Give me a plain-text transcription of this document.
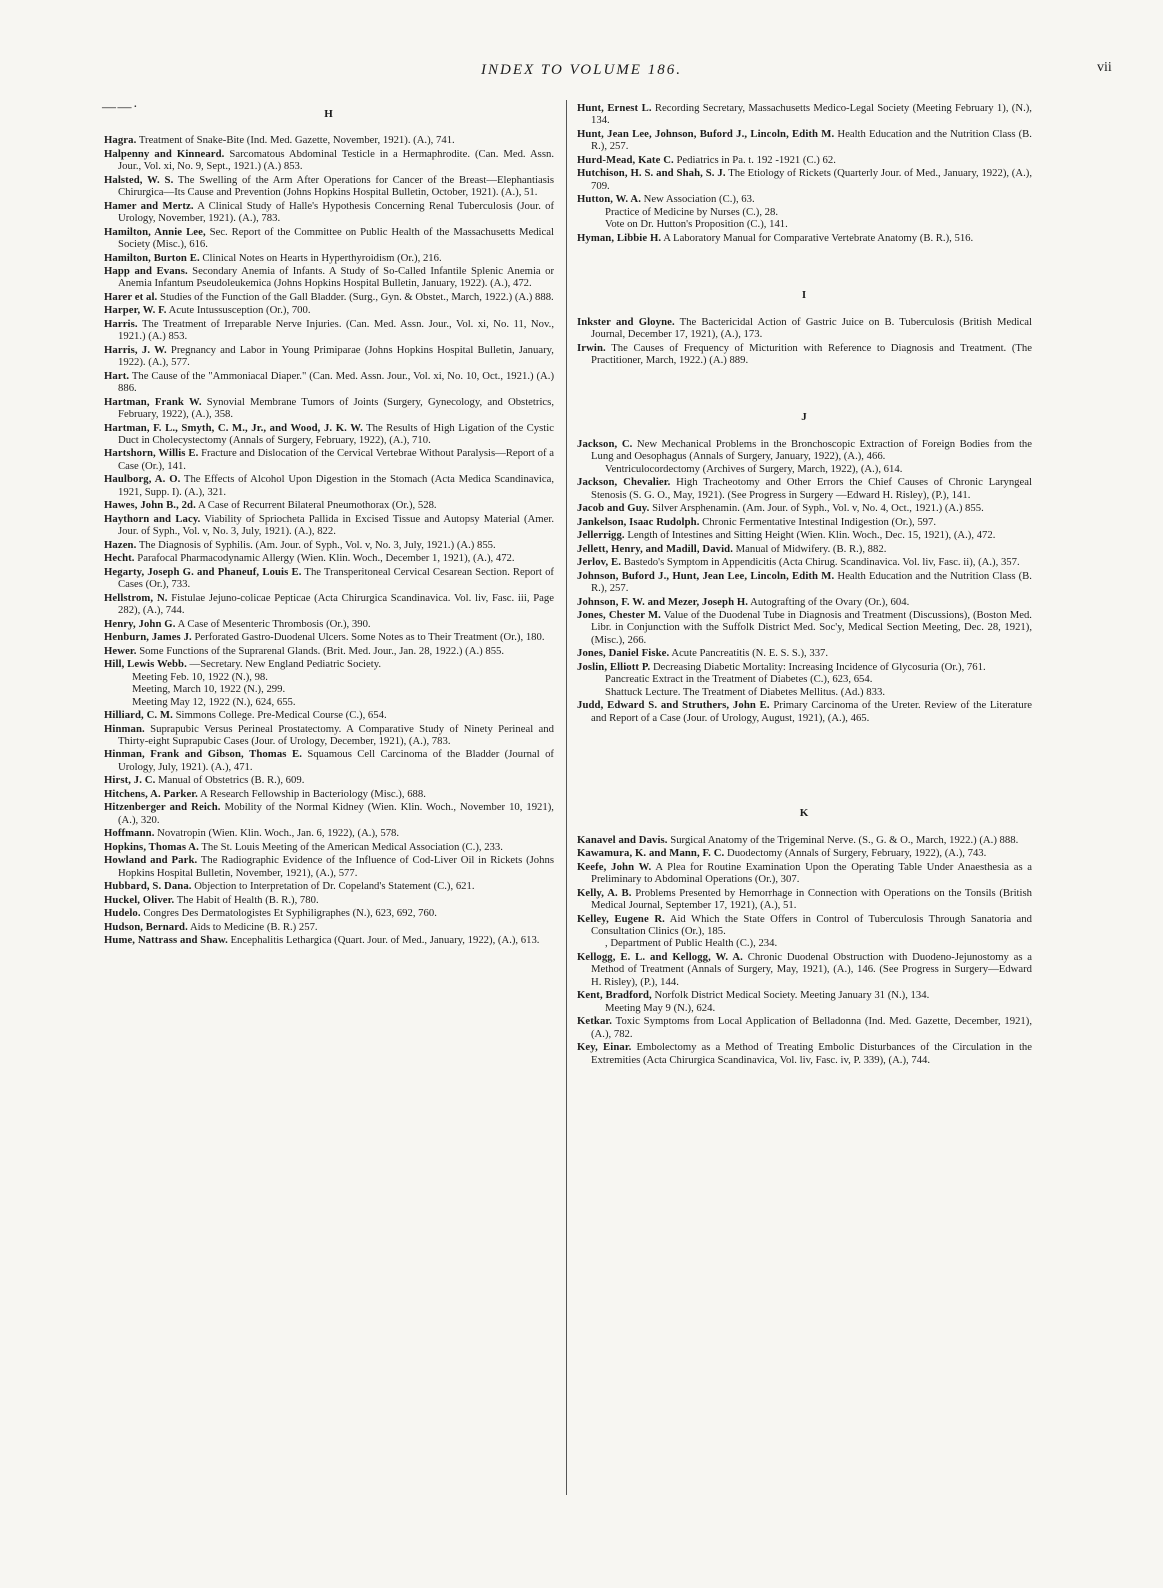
INDEX TO VOLUME 186.	vii
— — ·	H
Hagra. Treatment of Snake-Bite (Ind. Med. Gazette, November, 1921). (A.), 741.
Halpenny and Kinneard. Sarcomatous Abdominal Testicle in a Hermaphrodite. (Can. Med. Assn. Jour., Vol. xi, No. 9, Sept., 1921.) (A.) 853.
Halsted, W. S. The Swelling of the Arm After Operations for Cancer of the Breast—Elephantiasis Chirurgica—Its Cause and Prevention (Johns Hopkins Hospital Bulletin, October, 1921). (A.), 51.
Hamer and Mertz. A Clinical Study of Halle's Hypothesis Concerning Renal Tuberculosis (Jour. of Urology, November, 1921). (A.), 783.
Hamilton, Annie Lee, Sec. Report of the Committee on Public Health of the Massachusetts Medical Society (Misc.), 616.
Hamilton, Burton E. Clinical Notes on Hearts in Hyperthyroidism (Or.), 216.
Happ and Evans. Secondary Anemia of Infants. A Study of So-Called Infantile Splenic Anemia or Anemia Infantum Pseudoleukemica (Johns Hopkins Hospital Bulletin, January, 1922). (A.), 472.
Harer et al. Studies of the Function of the Gall Bladder. (Surg., Gyn. & Obstet., March, 1922.) (A.) 888.
Harper, W. F. Acute Intussusception (Or.), 700.
Harris. The Treatment of Irreparable Nerve Injuries. (Can. Med. Assn. Jour., Vol. xi, No. 11, Nov., 1921.) (A.) 853.
Harris, J. W. Pregnancy and Labor in Young Primiparae (Johns Hopkins Hospital Bulletin, January, 1922). (A.), 577.
Hart. The Cause of the "Ammoniacal Diaper." (Can. Med. Assn. Jour., Vol. xi, No. 10, Oct., 1921.) (A.) 886.
Hartman, Frank W. Synovial Membrane Tumors of Joints (Surgery, Gynecology, and Obstetrics, February, 1922), (A.), 358.
Hartman, F. L., Smyth, C. M., Jr., and Wood, J. K. W. The Results of High Ligation of the Cystic Duct in Cholecystectomy (Annals of Surgery, February, 1922), (A.), 710.
Hartshorn, Willis E. Fracture and Dislocation of the Cervical Vertebrae Without Paralysis—Report of a Case (Or.), 141.
Haulborg, A. O. The Effects of Alcohol Upon Digestion in the Stomach (Acta Medica Scandinavica, 1921, Supp. I). (A.), 321.
Hawes, John B., 2d. A Case of Recurrent Bilateral Pneumothorax (Or.), 528.
Haythorn and Lacy. Viability of Spriocheta Pallida in Excised Tissue and Autopsy Material (Amer. Jour. of Syph., Vol. v, No. 3, July, 1921). (A.), 822.
Hazen. The Diagnosis of Syphilis. (Am. Jour. of Syph., Vol. v, No. 3, July, 1921.) (A.) 855.
Hecht. Parafocal Pharmacodynamic Allergy (Wien. Klin. Woch., December 1, 1921), (A.), 472.
Hegarty, Joseph G. and Phaneuf, Louis E. The Transperitoneal Cervical Cesarean Section. Report of Cases (Or.), 733.
Hellstrom, N. Fistulae Jejuno-colicae Pepticae (Acta Chirurgica Scandinavica. Vol. liv, Fasc. iii, Page 282), (A.), 744.
Henry, John G. A Case of Mesenteric Thrombosis (Or.), 390.
Henburn, James J. Perforated Gastro-Duodenal Ulcers. Some Notes as to Their Treatment (Or.), 180.
Hewer. Some Functions of the Suprarenal Glands. (Brit. Med. Jour., Jan. 28, 1922.) (A.) 855.
Hill, Lewis Webb. —Secretary. New England Pediatric Society.
Meeting Feb. 10, 1922 (N.), 98.
Meeting, March 10, 1922 (N.), 299.
Meeting May 12, 1922 (N.), 624, 655.
Hilliard, C. M. Simmons College. Pre-Medical Course (C.), 654.
Hinman. Suprapubic Versus Perineal Prostatectomy. A Comparative Study of Ninety Perineal and Thirty-eight Suprapubic Cases (Jour. of Urology, December, 1921), (A.), 783.
Hinman, Frank and Gibson, Thomas E. Squamous Cell Carcinoma of the Bladder (Journal of Urology, July, 1921). (A.), 471.
Hirst, J. C. Manual of Obstetrics (B. R.), 609.
Hitchens, A. Parker. A Research Fellowship in Bacteriology (Misc.), 688.
Hitzenberger and Reich. Mobility of the Normal Kidney (Wien. Klin. Woch., November 10, 1921), (A.), 320.
Hoffmann. Novatropin (Wien. Klin. Woch., Jan. 6, 1922), (A.), 578.
Hopkins, Thomas A. The St. Louis Meeting of the American Medical Association (C.), 233.
Howland and Park. The Radiographic Evidence of the Influence of Cod-Liver Oil in Rickets (Johns Hopkins Hospital Bulletin, November, 1921), (A.), 577.
Hubbard, S. Dana. Objection to Interpretation of Dr. Copeland's Statement (C.), 621.
Huckel, Oliver. The Habit of Health (B. R.), 780.
Hudelo. Congres Des Dermatologistes Et Syphiligraphes (N.), 623, 692, 760.
Hudson, Bernard. Aids to Medicine (B. R.) 257.
Hume, Nattrass and Shaw. Encephalitis Lethargica (Quart. Jour. of Med., January, 1922), (A.), 613.
Hunt, Ernest L. Recording Secretary, Massachusetts Medico-Legal Society (Meeting February 1), (N.), 134.
Hunt, Jean Lee, Johnson, Buford J., Lincoln, Edith M. Health Education and the Nutrition Class (B. R.), 257.
Hurd-Mead, Kate C. Pediatrics in Pa. t. 192 -1921 (C.) 62.
Hutchison, H. S. and Shah, S. J. The Etiology of Rickets (Quarterly Jour. of Med., January, 1922), (A.), 709.
Hutton, W. A. New Association (C.), 63.
Practice of Medicine by Nurses (C.), 28.
Vote on Dr. Hutton's Proposition (C.), 141.
Hyman, Libbie H. A Laboratory Manual for Comparative Vertebrate Anatomy (B. R.), 516.
I
Inkster and Gloyne. The Bactericidal Action of Gastric Juice on B. Tuberculosis (British Medical Journal, December 17, 1921), (A.), 173.
Irwin. The Causes of Frequency of Micturition with Reference to Diagnosis and Treatment. (The Practitioner, March, 1922.) (A.) 889.
J
Jackson, C. New Mechanical Problems in the Bronchoscopic Extraction of Foreign Bodies from the Lung and Oesophagus (Annals of Surgery, January, 1922), (A.), 466.
Ventriculocordectomy (Archives of Surgery, March, 1922), (A.), 614.
Jackson, Chevalier. High Tracheotomy and Other Errors the Chief Causes of Chronic Laryngeal Stenosis (S. G. O., May, 1921). (See Progress in Surgery —Edward H. Risley), (P.), 141.
Jacob and Guy. Silver Arsphenamin. (Am. Jour. of Syph., Vol. v, No. 4, Oct., 1921.) (A.) 855.
Jankelson, Isaac Rudolph. Chronic Fermentative Intestinal Indigestion (Or.), 597.
Jellerrigg. Length of Intestines and Sitting Height (Wien. Klin. Woch., Dec. 15, 1921), (A.), 472.
Jellett, Henry, and Madill, David. Manual of Midwifery. (B. R.), 882.
Jerlov, E. Bastedo's Symptom in Appendicitis (Acta Chirug. Scandinavica. Vol. liv, Fasc. ii), (A.), 357.
Johnson, Buford J., Hunt, Jean Lee, Lincoln, Edith M. Health Education and the Nutrition Class (B. R.), 257.
Johnson, F. W. and Mezer, Joseph H. Autografting of the Ovary (Or.), 604.
Jones, Chester M. Value of the Duodenal Tube in Diagnosis and Treatment (Discussions), (Boston Med. Libr. in Conjunction with the Suffolk District Med. Soc'y, Medical Section Meeting, Dec. 28, 1921), (Misc.), 266.
Jones, Daniel Fiske. Acute Pancreatitis (N. E. S. S.), 337.
Joslin, Elliott P. Decreasing Diabetic Mortality: Increasing Incidence of Glycosuria (Or.), 761.
Pancreatic Extract in the Treatment of Diabetes (C.), 623, 654.
Shattuck Lecture. The Treatment of Diabetes Mellitus. (Ad.) 833.
Judd, Edward S. and Struthers, John E. Primary Carcinoma of the Ureter. Review of the Literature and Report of a Case (Jour. of Urology, August, 1921), (A.), 465.
K
Kanavel and Davis. Surgical Anatomy of the Trigeminal Nerve. (S., G. & O., March, 1922.) (A.) 888.
Kawamura, K. and Mann, F. C. Duodectomy (Annals of Surgery, February, 1922), (A.), 743.
Keefe, John W. A Plea for Routine Examination Upon the Operating Table Under Anaesthesia as a Preliminary to Abdominal Operations (Or.), 307.
Kelly, A. B. Problems Presented by Hemorrhage in Connection with Operations on the Tonsils (British Medical Journal, September 17, 1921), (A.), 51.
Kelley, Eugene R. Aid Which the State Offers in Control of Tuberculosis Through Sanatoria and Consultation Clinics (Or.), 185.
, Department of Public Health (C.), 234.
Kellogg, E. L. and Kellogg, W. A. Chronic Duodenal Obstruction with Duodeno-Jejunostomy as a Method of Treatment (Annals of Surgery, May, 1921), (A.), 146. (See Progress in Surgery—Edward H. Risley), (P.), 144.
Kent, Bradford, Norfolk District Medical Society. Meeting January 31 (N.), 134.
Meeting May 9 (N.), 624.
Ketkar. Toxic Symptoms from Local Application of Belladonna (Ind. Med. Gazette, December, 1921), (A.), 782.
Key, Einar. Embolectomy as a Method of Treating Embolic Disturbances of the Circulation in the Extremities (Acta Chirurgica Scandinavica, Vol. liv, Fasc. iv, P. 339), (A.), 744.
